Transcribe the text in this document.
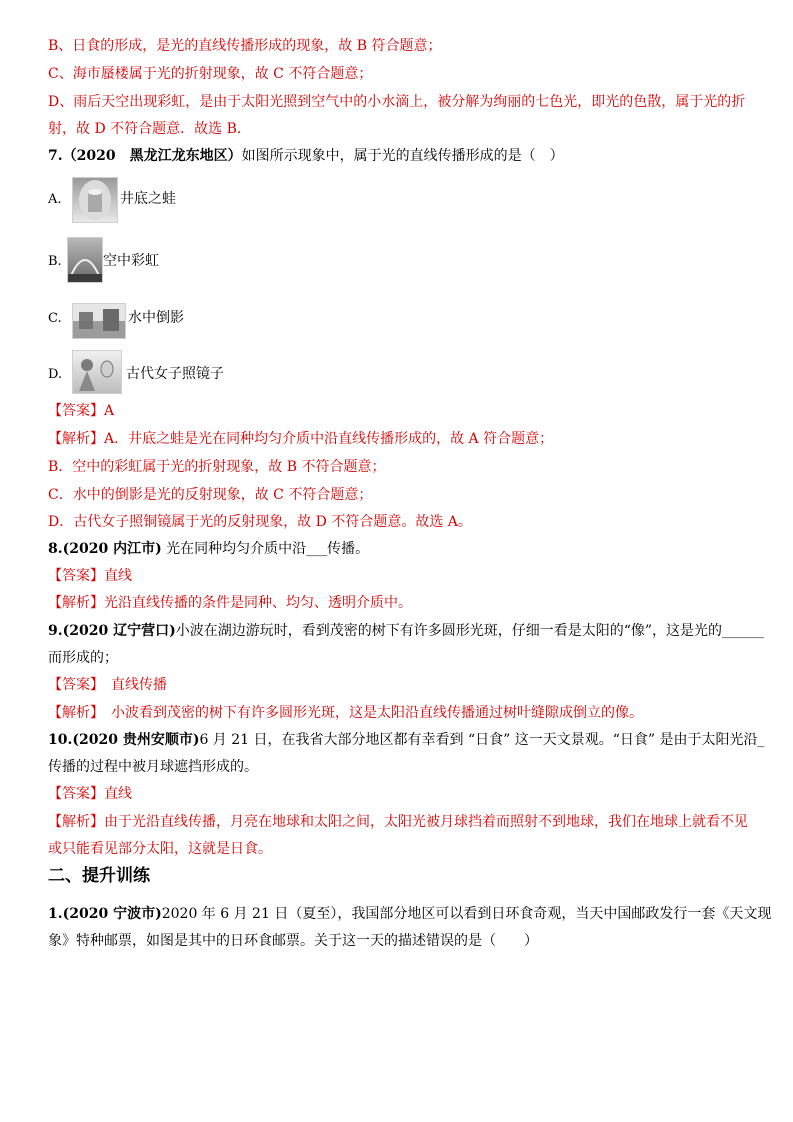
B、日食的形成，是光的直线传播形成的现象，故 B 符合题意；
C、海市蜃楼属于光的折射现象，故 C 不符合题意；
D、雨后天空出现彩虹，是由于太阳光照到空气中的小水滴上，被分解为绚丽的七色光，即光的色散，属于光的折
射，故 D 不符合题意．故选 B．
7.（2020　黑龙江龙东地区）如图所示现象中，属于光的直线传播形成的是（　）
A.	井底之蛙
B.	空中彩虹
C.	水中倒影
D.	古代女子照镜子
【答案】A
【解析】A．井底之蛙是光在同种均匀介质中沿直线传播形成的，故 A 符合题意；
B．空中的彩虹属于光的折射现象，故 B 不符合题意；
C．水中的倒影是光的反射现象，故 C 不符合题意；
D．古代女子照铜镜属于光的反射现象，故 D 不符合题意。故选 A。
8.(2020 内江市) 光在同种均匀介质中沿___传播。
【答案】直线
【解析】光沿直线传播的条件是同种、均匀、透明介质中。
9.(2020 辽宁营口)小波在湖边游玩时，看到茂密的树下有许多圆形光斑，仔细一看是太阳的“像”，这是光的______
而形成的；
【答案】　直线传播
【解析】　小波看到茂密的树下有许多圆形光斑，这是太阳沿直线传播通过树叶缝隙成倒立的像。
10.(2020 贵州安顺市)6 月 21 日，在我省大部分地区都有幸看到 “日食” 这一天文景观。“日食” 是由于太阳光沿_
传播的过程中被月球遮挡形成的。
【答案】直线
【解析】由于光沿直线传播，月亮在地球和太阳之间，太阳光被月球挡着而照射不到地球，我们在地球上就看不见
或只能看见部分太阳，这就是日食。
二、提升训练
1.(2020 宁波市)2020 年 6 月 21 日（夏至），我国部分地区可以看到日环食奇观，当天中国邮政发行一套《天文现
象》特种邮票，如图是其中的日环食邮票。关于这一天的描述错误的是（　　）
